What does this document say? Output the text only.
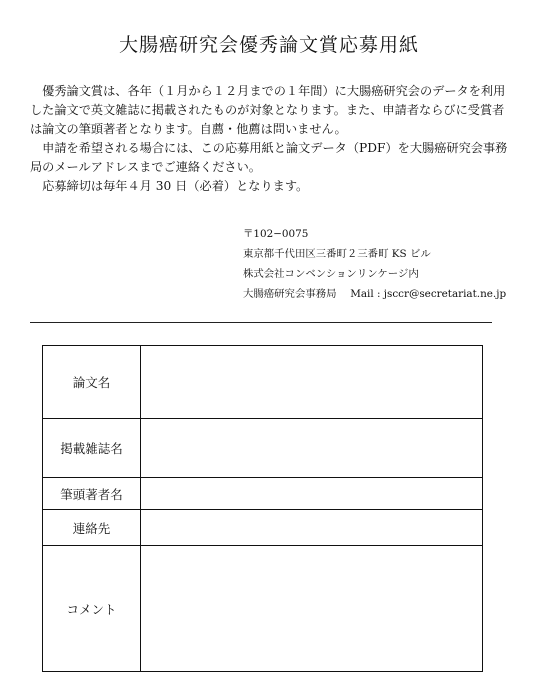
大腸癌研究会優秀論文賞応募用紙

　優秀論文賞は、各年（１月から１２月までの１年間）に大腸癌研究会のデータを利用した論文で英文雑誌に掲載されたものが対象となります。また、申請者ならびに受賞者は論文の筆頭著者となります。自薦・他薦は問いません。

　申請を希望される場合には、この応募用紙と論文データ（PDF）を大腸癌研究会事務局のメールアドレスまでご連絡ください。

　応募締切は毎年４月 30 日（必着）となります。

〒102−0075
東京都千代田区三番町２三番町 KS ビル
株式会社コンベンションリンケージ内
大腸癌研究会事務局　 Mail : jsccr@secretariat.ne.jp
論文名
掲載雑誌名
筆頭著者名
連絡先
コメント
